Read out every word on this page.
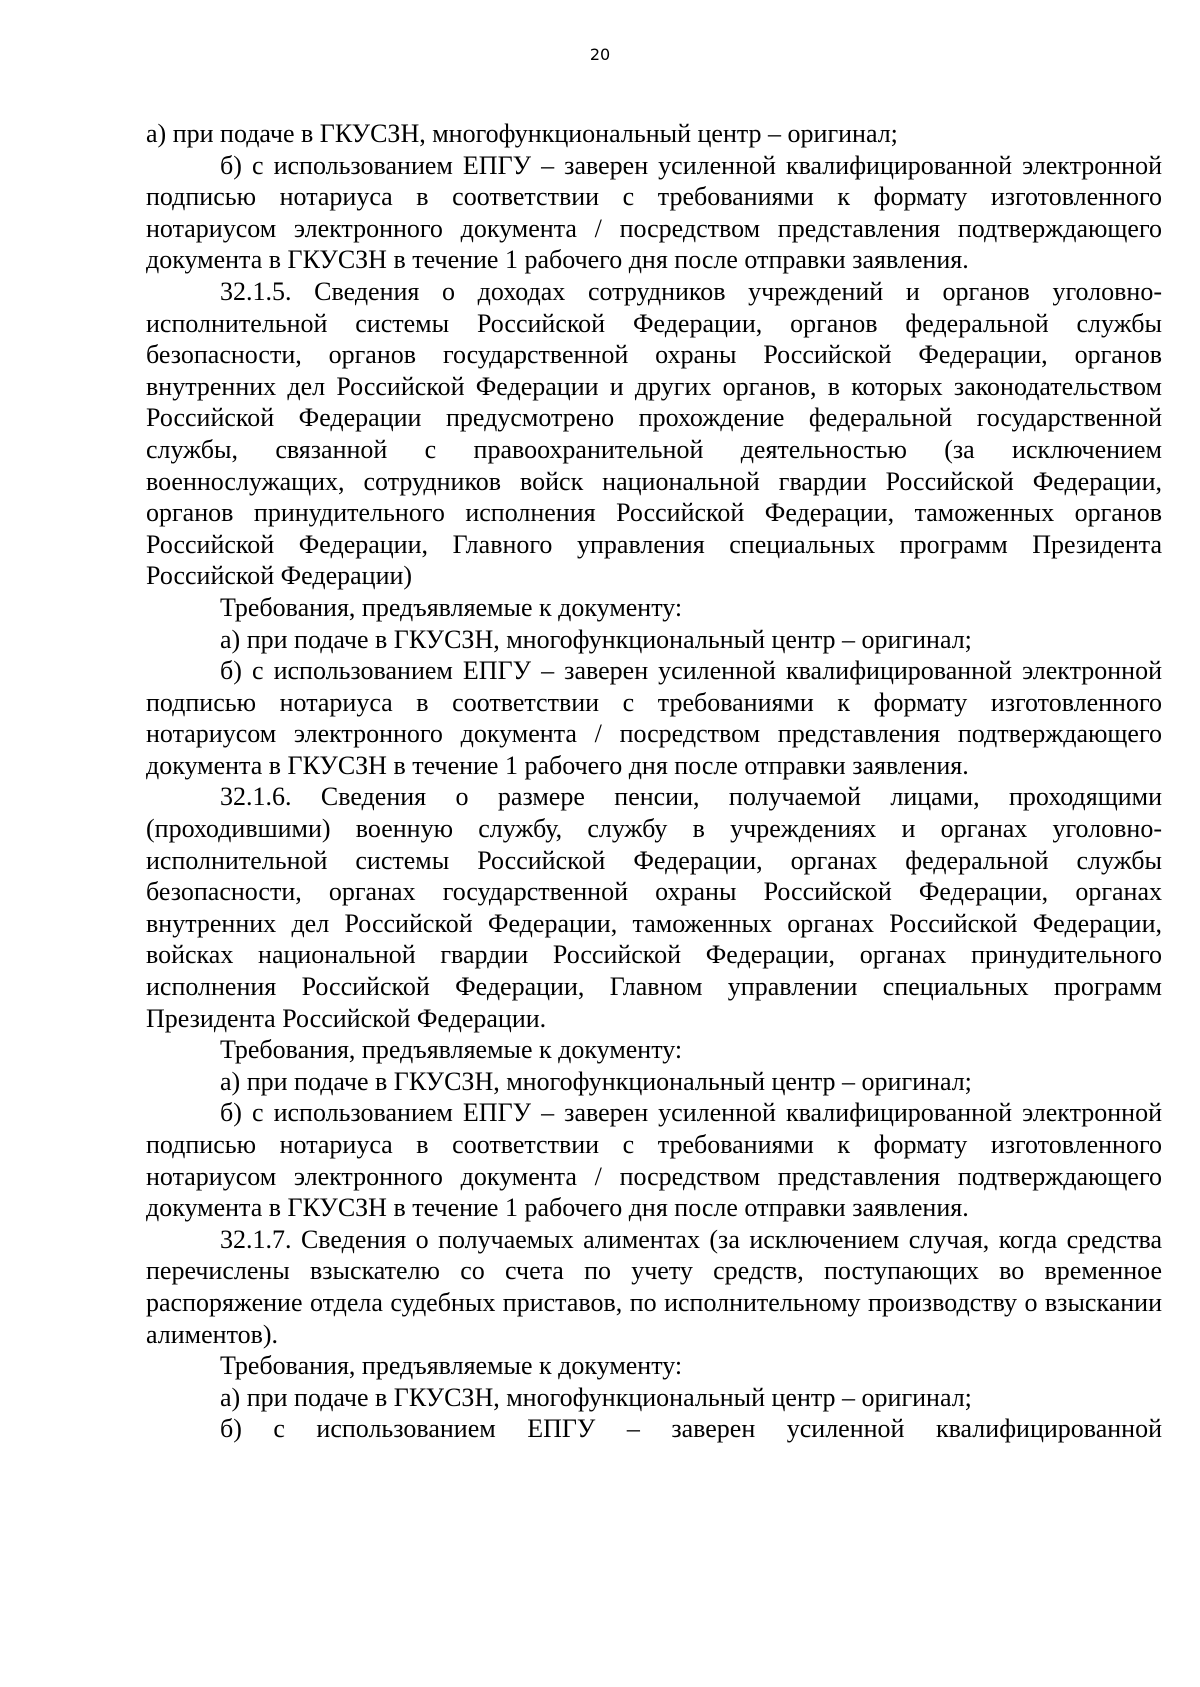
20

а) при подаче в ГКУСЗН, многофункциональный центр – оригинал;

б) с использованием ЕПГУ – заверен усиленной квалифицированной электронной подписью нотариуса в соответствии с требованиями к формату изготовленного нотариусом электронного документа / посредством представления подтверждающего документа в ГКУСЗН в течение 1 рабочего дня после отправки заявления.

32.1.5. Сведения о доходах сотрудников учреждений и органов уголовно-исполнительной системы Российской Федерации, органов федеральной службы безопасности, органов государственной охраны Российской Федерации, органов внутренних дел Российской Федерации и других органов, в которых законодательством Российской Федерации предусмотрено прохождение федеральной государственной службы, связанной с правоохранительной деятельностью (за исключением военнослужащих, сотрудников войск национальной гвардии Российской Федерации, органов принудительного исполнения Российской Федерации, таможенных органов Российской Федерации, Главного управления специальных программ Президента Российской Федерации)

Требования, предъявляемые к документу:

а) при подаче в ГКУСЗН, многофункциональный центр – оригинал;

б) с использованием ЕПГУ – заверен усиленной квалифицированной электронной подписью нотариуса в соответствии с требованиями к формату изготовленного нотариусом электронного документа / посредством представления подтверждающего документа в ГКУСЗН в течение 1 рабочего дня после отправки заявления.

32.1.6. Сведения о размере пенсии, получаемой лицами, проходящими (проходившими) военную службу, службу в учреждениях и органах уголовно-исполнительной системы Российской Федерации, органах федеральной службы безопасности, органах государственной охраны Российской Федерации, органах внутренних дел Российской Федерации, таможенных органах Российской Федерации, войсках национальной гвардии Российской Федерации, органах принудительного исполнения Российской Федерации, Главном управлении специальных программ Президента Российской Федерации.

Требования, предъявляемые к документу:

а) при подаче в ГКУСЗН, многофункциональный центр – оригинал;

б) с использованием ЕПГУ – заверен усиленной квалифицированной электронной подписью нотариуса в соответствии с требованиями к формату изготовленного нотариусом электронного документа / посредством представления подтверждающего документа в ГКУСЗН в течение 1 рабочего дня после отправки заявления.

32.1.7. Сведения о получаемых алиментах (за исключением случая, когда средства перечислены взыскателю со счета по учету средств, поступающих во временное распоряжение отдела судебных приставов, по исполнительному производству о взыскании алиментов).

Требования, предъявляемые к документу:

а) при подаче в ГКУСЗН, многофункциональный центр – оригинал;

б) с использованием ЕПГУ – заверен усиленной квалифицированной
